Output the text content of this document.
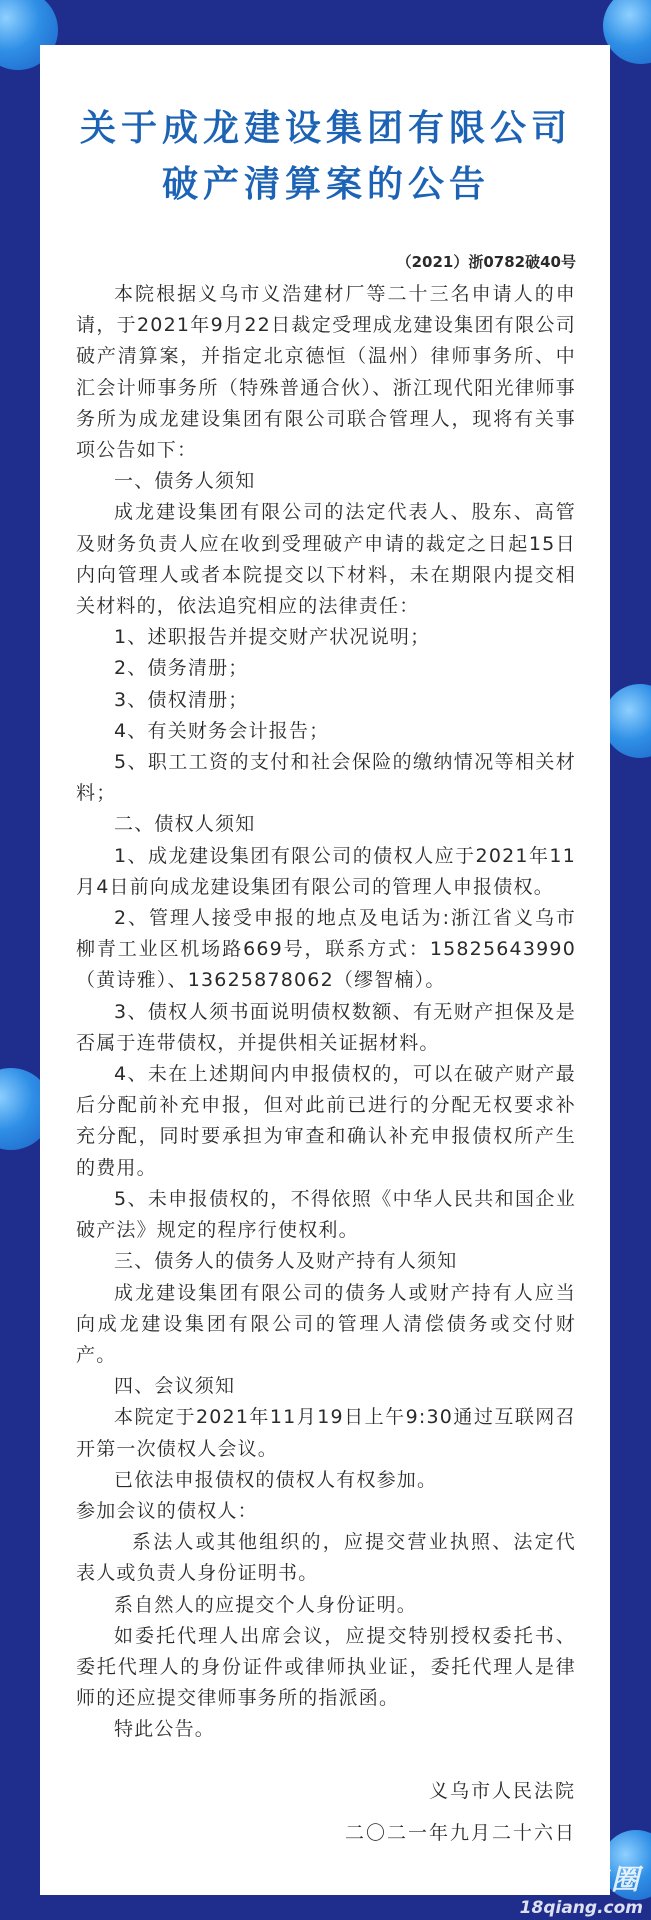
关于成龙建设集团有限公司
破产清算案的公告
（2021）浙0782破40号

本院根据义乌市义浩建材厂等二十三名申请人的申请，于2021年9月22日裁定受理成龙建设集团有限公司破产清算案，并指定北京德恒（温州）律师事务所、中汇会计师事务所（特殊普通合伙）、浙江现代阳光律师事务所为成龙建设集团有限公司联合管理人，现将有关事项公告如下：

一、债务人须知

成龙建设集团有限公司的法定代表人、股东、高管及财务负责人应在收到受理破产申请的裁定之日起15日内向管理人或者本院提交以下材料，未在期限内提交相关材料的，依法追究相应的法律责任：

1、述职报告并提交财产状况说明；

2、债务清册；

3、债权清册；

4、有关财务会计报告；

5、职工工资的支付和社会保险的缴纳情况等相关材料；

二、债权人须知

1、成龙建设集团有限公司的债权人应于2021年11月4日前向成龙建设集团有限公司的管理人申报债权。

2、管理人接受申报的地点及电话为:浙江省义乌市柳青工业区机场路669号，联系方式：15825643990（黄诗雅）、13625878062（缪智楠）。

3、债权人须书面说明债权数额、有无财产担保及是否属于连带债权，并提供相关证据材料。

4、未在上述期间内申报债权的，可以在破产财产最后分配前补充申报，但对此前已进行的分配无权要求补充分配，同时要承担为审查和确认补充申报债权所产生的费用。

5、未申报债权的，不得依照《中华人民共和国企业破产法》规定的程序行使权利。

三、债务人的债务人及财产持有人须知

成龙建设集团有限公司的债务人或财产持有人应当向成龙建设集团有限公司的管理人清偿债务或交付财产。

四、会议须知

本院定于2021年11月19日上午9:30通过互联网召开第一次债权人会议。

已依法申报债权的债权人有权参加。

参加会议的债权人：

系法人或其他组织的，应提交营业执照、法定代表人或负责人身份证明书。

系自然人的应提交个人身份证明。

如委托代理人出席会议，应提交特别授权委托书、委托代理人的身份证件或律师执业证，委托代理人是律师的还应提交律师事务所的指派函。

特此公告。

义乌市人民法院

二〇二一年九月二十六日

庄圈
18qiang.com
